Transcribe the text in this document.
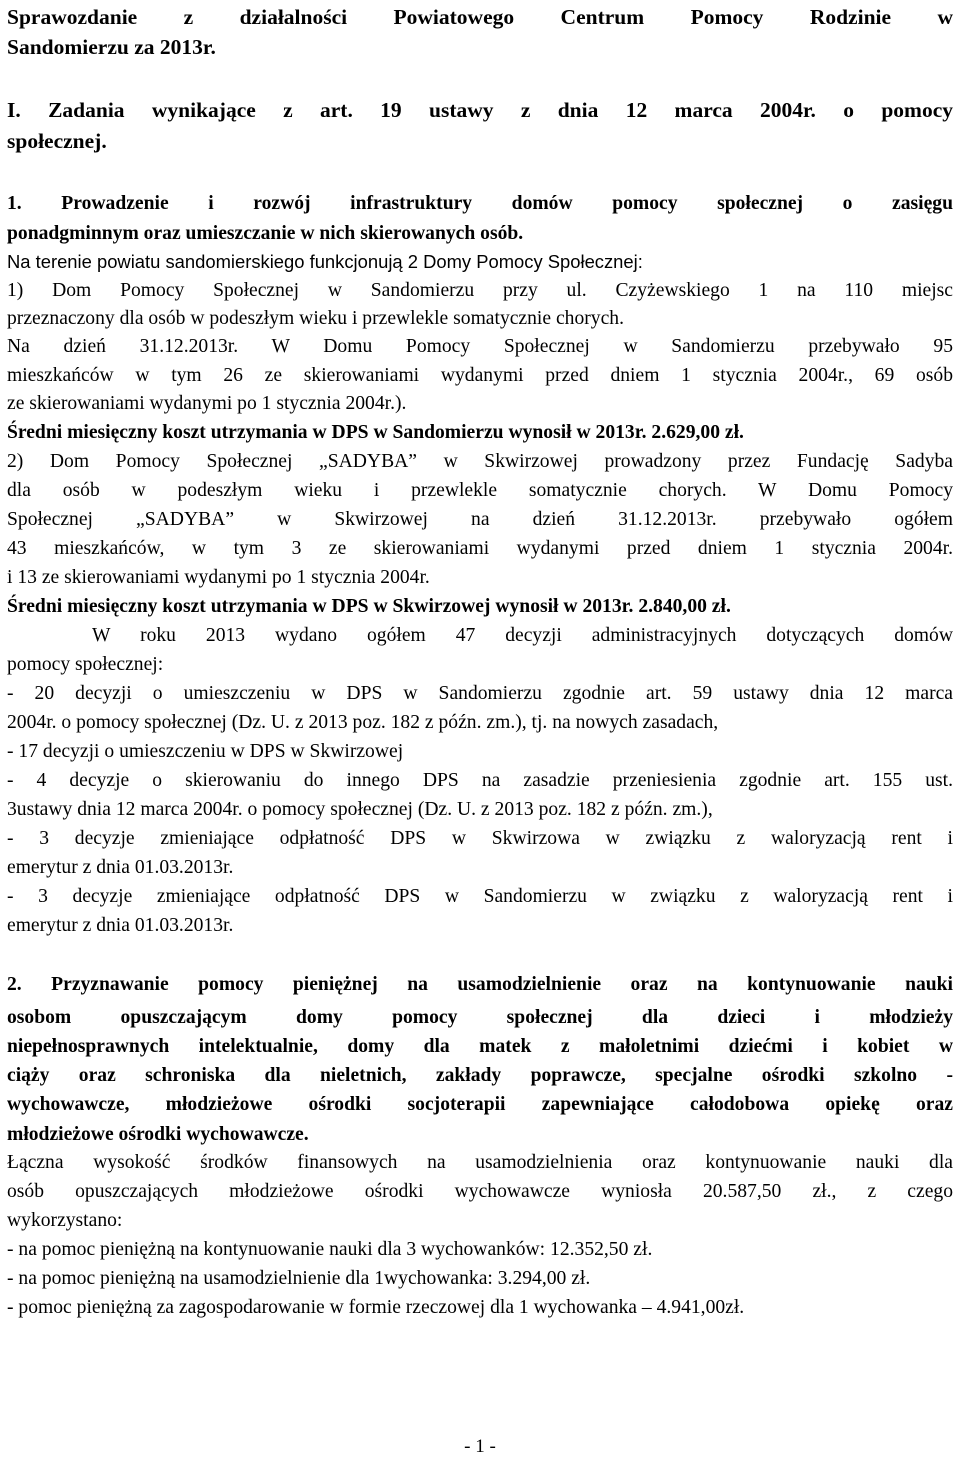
Sprawozdanie z działalności Powiatowego Centrum Pomocy Rodzinie w
Sandomierzu za 2013r.
I. Zadania wynikające z art. 19 ustawy z dnia 12 marca 2004r. o pomocy
społecznej.
1. Prowadzenie i rozwój infrastruktury domów pomocy społecznej o zasięgu
ponadgminnym oraz umieszczanie w nich skierowanych osób.
Na terenie powiatu sandomierskiego funkcjonują 2 Domy Pomocy Społecznej:
1) Dom Pomocy Społecznej w Sandomierzu przy ul. Czyżewskiego 1 na 110 miejsc
przeznaczony dla osób w podeszłym wieku i przewlekle somatycznie chorych.
Na dzień 31.12.2013r. W Domu Pomocy Społecznej w Sandomierzu przebywało 95
mieszkańców w tym 26 ze skierowaniami wydanymi przed dniem 1 stycznia 2004r., 69 osób
ze skierowaniami wydanymi po 1 stycznia 2004r.).
Średni miesięczny koszt utrzymania w DPS w Sandomierzu wynosił w 2013r. 2.629,00 zł.
2) Dom Pomocy Społecznej „SADYBA” w Skwirzowej prowadzony przez Fundację Sadyba
dla osób w podeszłym wieku i przewlekle somatycznie chorych. W Domu Pomocy
Społecznej „SADYBA” w Skwirzowej na dzień 31.12.2013r. przebywało ogółem
43 mieszkańców, w tym 3 ze skierowaniami wydanymi przed dniem 1 stycznia 2004r.
i 13 ze skierowaniami wydanymi po 1 stycznia 2004r.
Średni miesięczny koszt utrzymania w DPS w Skwirzowej wynosił w 2013r. 2.840,00 zł.
W roku 2013 wydano ogółem 47 decyzji administracyjnych dotyczących domów
pomocy społecznej:
- 20 decyzji o umieszczeniu w DPS w Sandomierzu zgodnie art. 59 ustawy dnia 12 marca
2004r. o pomocy społecznej (Dz. U. z 2013 poz. 182 z późn. zm.), tj. na nowych zasadach,
- 17 decyzji o umieszczeniu w DPS w Skwirzowej
- 4 decyzje o skierowaniu do innego DPS na zasadzie przeniesienia zgodnie art. 155 ust.
3ustawy dnia 12 marca 2004r. o pomocy społecznej (Dz. U. z 2013 poz. 182 z późn. zm.),
- 3 decyzje zmieniające odpłatność DPS w Skwirzowa w związku z waloryzacją rent i
emerytur z dnia 01.03.2013r.
- 3 decyzje zmieniające odpłatność DPS w Sandomierzu w związku z waloryzacją rent i
emerytur z dnia 01.03.2013r.
2. Przyznawanie pomocy pieniężnej na usamodzielnienie oraz na kontynuowanie nauki
osobom opuszczającym domy pomocy społecznej dla dzieci i młodzieży
niepełnosprawnych intelektualnie, domy dla matek z małoletnimi dziećmi i kobiet w
ciąży oraz schroniska dla nieletnich, zakłady poprawcze, specjalne ośrodki szkolno -
wychowawcze, młodzieżowe ośrodki socjoterapii zapewniające całodobowa opiekę oraz
młodzieżowe ośrodki wychowawcze.
Łączna wysokość środków finansowych na usamodzielnienia oraz kontynuowanie nauki dla
osób opuszczających młodzieżowe ośrodki wychowawcze wyniosła 20.587,50 zł., z czego
wykorzystano:
- na pomoc pieniężną na kontynuowanie nauki dla 3 wychowanków: 12.352,50 zł.
- na pomoc pieniężną na usamodzielnienie dla 1wychowanka: 3.294,00 zł.
- pomoc pieniężną za zagospodarowanie w formie rzeczowej dla 1 wychowanka – 4.941,00zł.
- 1 -
